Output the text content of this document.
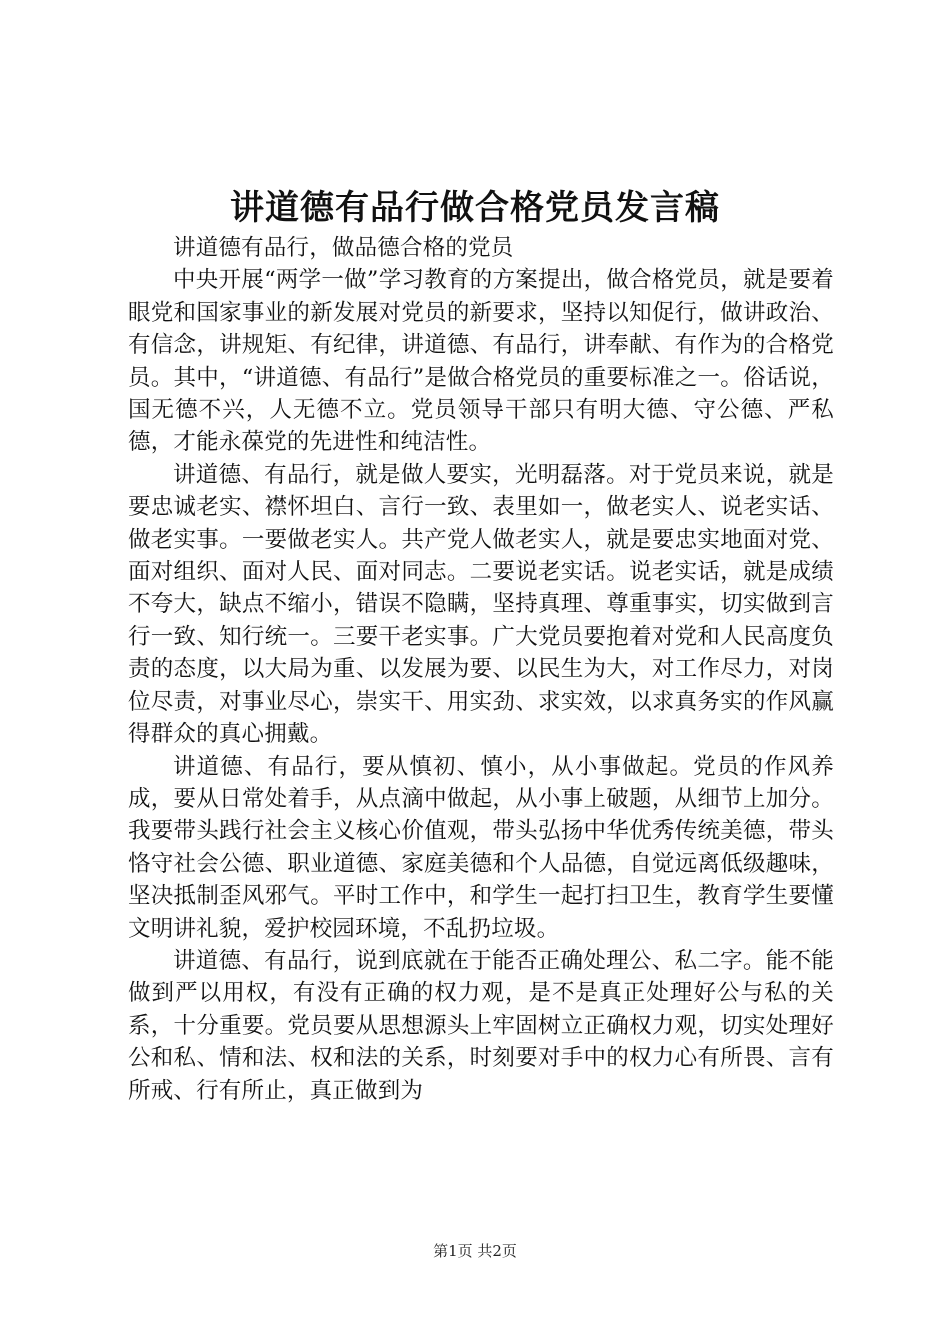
讲道德有品行做合格党员发言稿

讲道德有品行，做品德合格的党员

中央开展“两学一做”学习教育的方案提出，做合格党员，就是要着眼党和国家事业的新发展对党员的新要求，坚持以知促行，做讲政治、有信念，讲规矩、有纪律，讲道德、有品行，讲奉献、有作为的合格党员。其中，“讲道德、有品行”是做合格党员的重要标准之一。俗话说，国无德不兴，人无德不立。党员领导干部只有明大德、守公德、严私德，才能永葆党的先进性和纯洁性。

讲道德、有品行，就是做人要实，光明磊落。对于党员来说，就是要忠诚老实、襟怀坦白、言行一致、表里如一，做老实人、说老实话、做老实事。一要做老实人。共产党人做老实人，就是要忠实地面对党、面对组织、面对人民、面对同志。二要说老实话。说老实话，就是成绩不夸大，缺点不缩小，错误不隐瞒，坚持真理、尊重事实，切实做到言行一致、知行统一。三要干老实事。广大党员要抱着对党和人民高度负责的态度，以大局为重、以发展为要、以民生为大，对工作尽力，对岗位尽责，对事业尽心，崇实干、用实劲、求实效，以求真务实的作风赢得群众的真心拥戴。

讲道德、有品行，要从慎初、慎小，从小事做起。党员的作风养成，要从日常处着手，从点滴中做起，从小事上破题，从细节上加分。我要带头践行社会主义核心价值观，带头弘扬中华优秀传统美德，带头恪守社会公德、职业道德、家庭美德和个人品德，自觉远离低级趣味，坚决抵制歪风邪气。平时工作中，和学生一起打扫卫生，教育学生要懂文明讲礼貌，爱护校园环境，不乱扔垃圾。

讲道德、有品行，说到底就在于能否正确处理公、私二字。能不能做到严以用权，有没有正确的权力观，是不是真正处理好公与私的关系，十分重要。党员要从思想源头上牢固树立正确权力观，切实处理好公和私、情和法、权和法的关系，时刻要对手中的权力心有所畏、言有所戒、行有所止，真正做到为

第1页 共2页
